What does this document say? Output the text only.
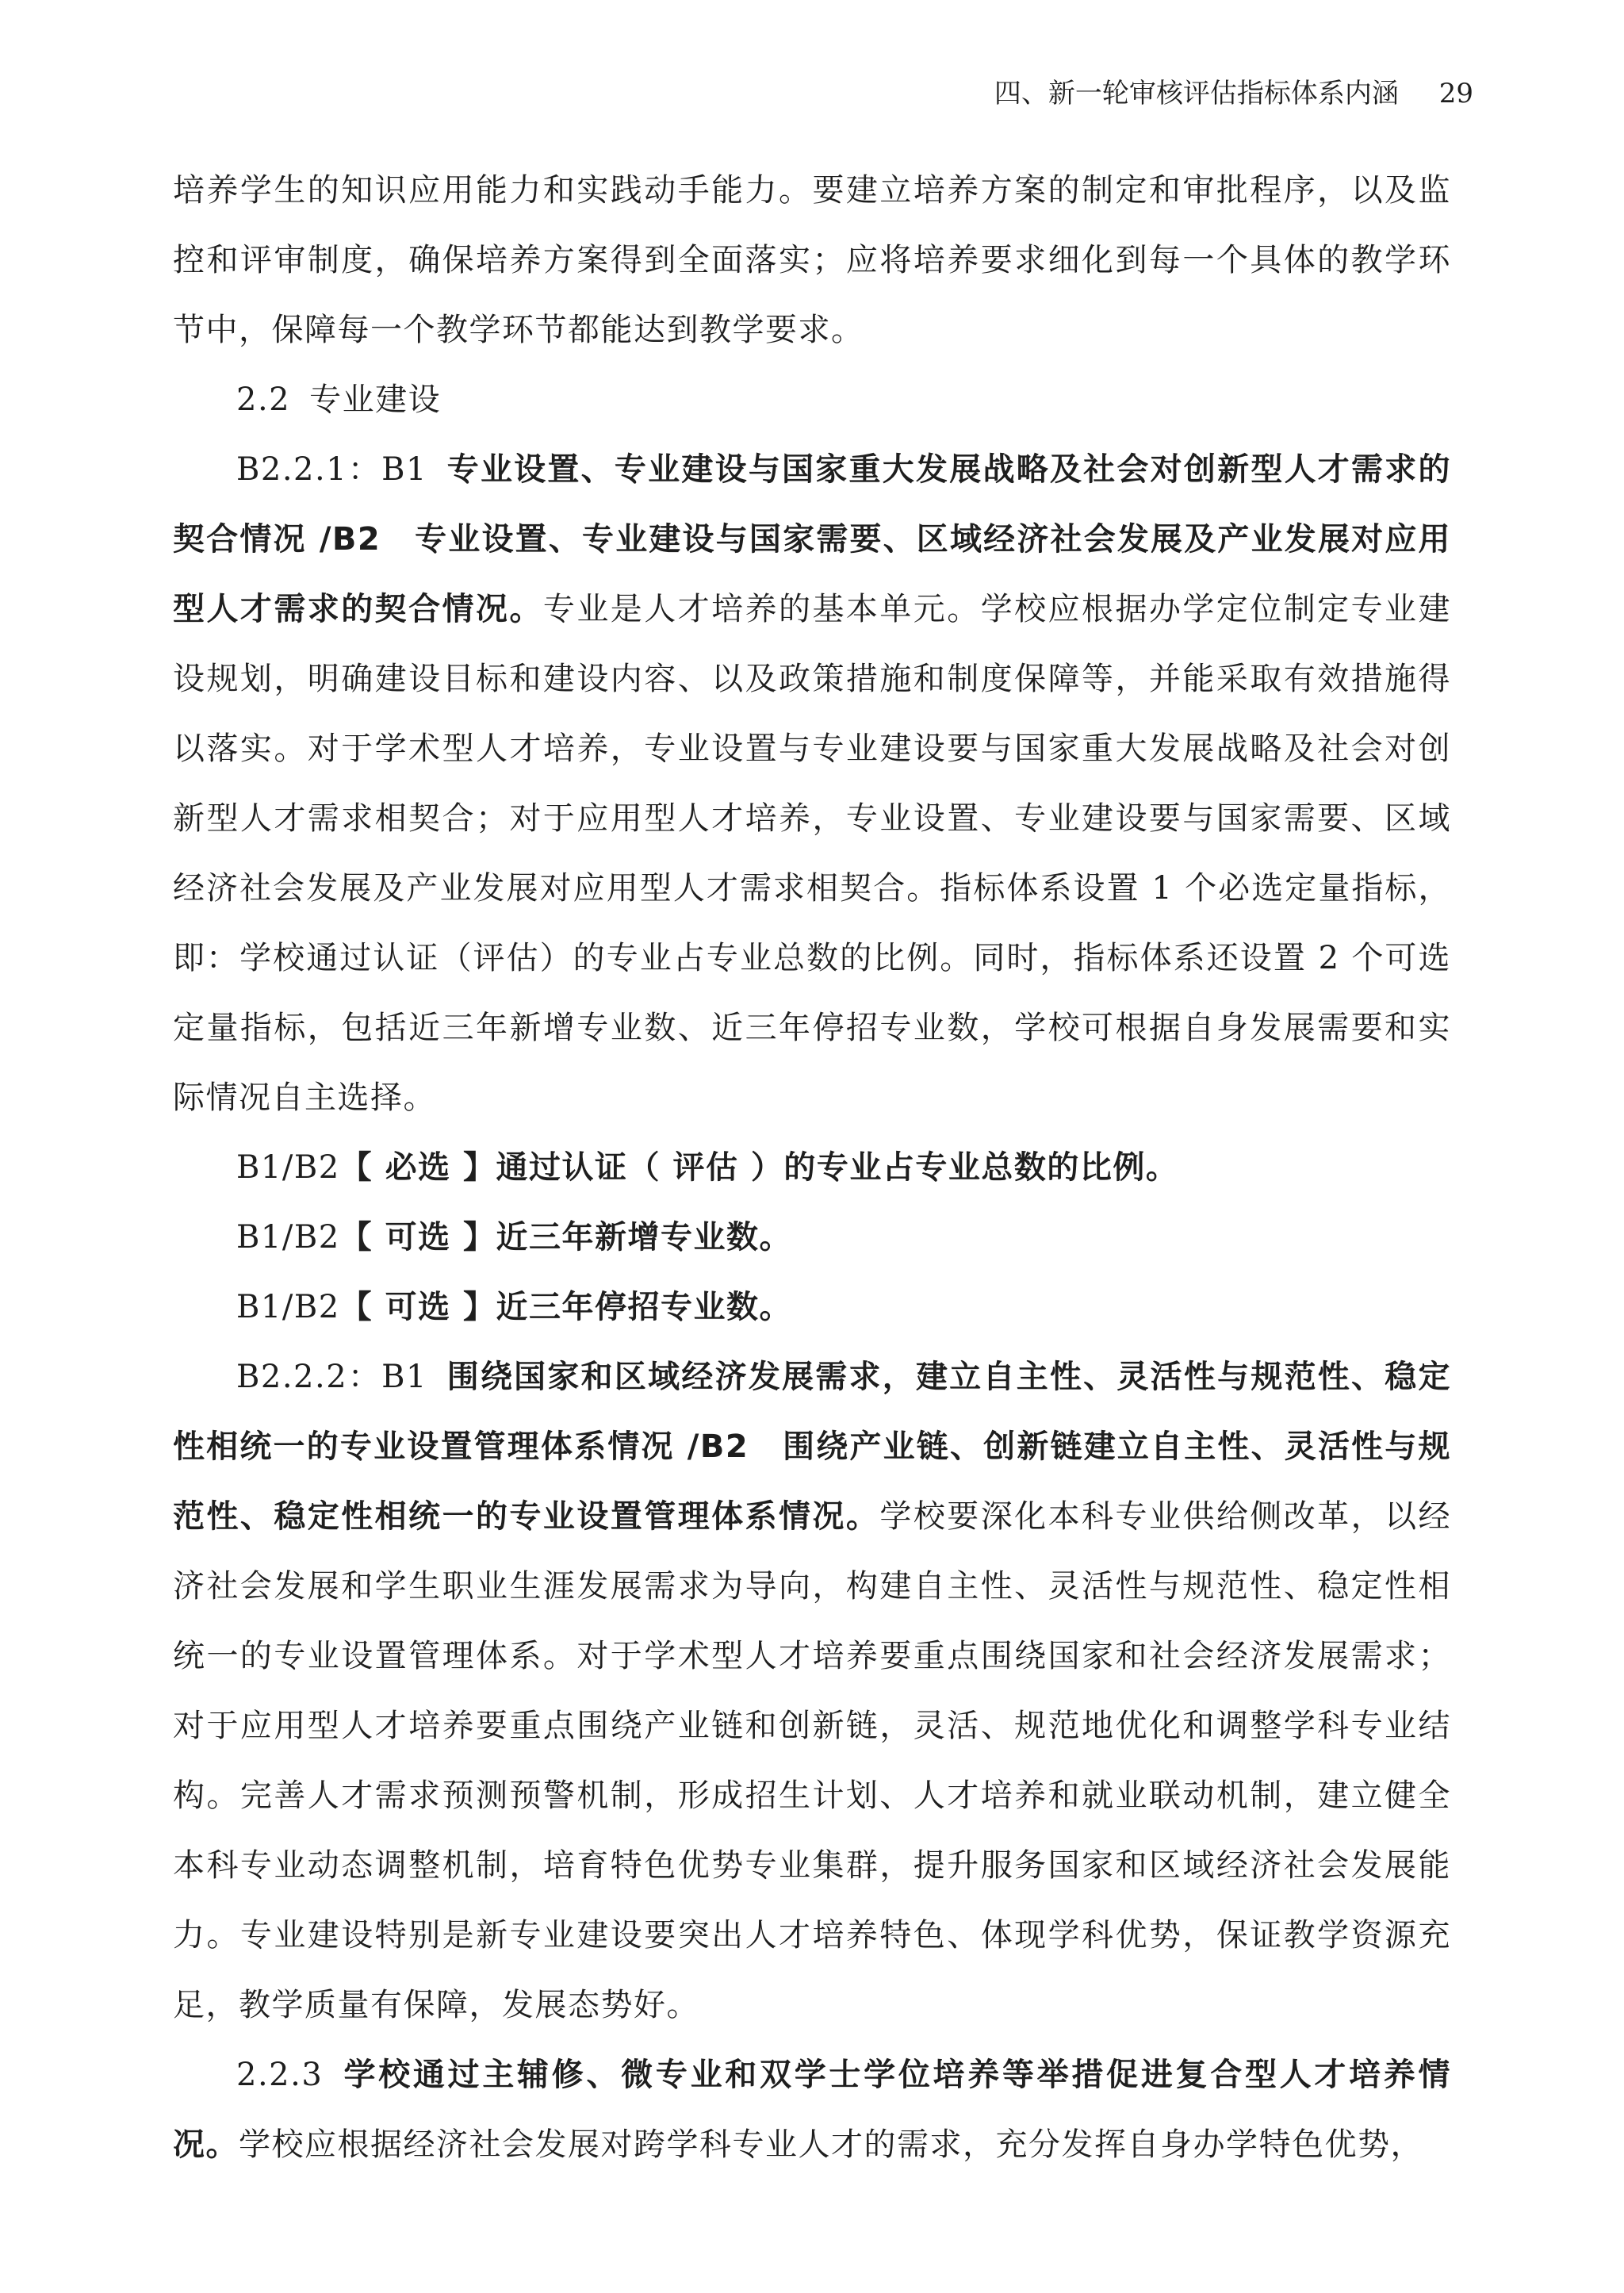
四、新一轮审核评估指标体系内涵 29

培养学生的知识应用能力和实践动手能力。要建立培养方案的制定和审批程序，以及监控和评审制度，确保培养方案得到全面落实；应将培养要求细化到每一个具体的教学环节中，保障每一个教学环节都能达到教学要求。

2.2 专业建设

B2.2.1：B1 专业设置、专业建设与国家重大发展战略及社会对创新型人才需求的契合情况 /B2　专业设置、专业建设与国家需要、区域经济社会发展及产业发展对应用型人才需求的契合情况。专业是人才培养的基本单元。学校应根据办学定位制定专业建设规划，明确建设目标和建设内容、以及政策措施和制度保障等，并能采取有效措施得以落实。对于学术型人才培养，专业设置与专业建设要与国家重大发展战略及社会对创新型人才需求相契合；对于应用型人才培养，专业设置、专业建设要与国家需要、区域经济社会发展及产业发展对应用型人才需求相契合。指标体系设置 1 个必选定量指标，即：学校通过认证（评估）的专业占专业总数的比例。同时，指标体系还设置 2 个可选定量指标，包括近三年新增专业数、近三年停招专业数，学校可根据自身发展需要和实际情况自主选择。

B1/B2【 必选 】通过认证（ 评估 ）的专业占专业总数的比例。

B1/B2【 可选 】近三年新增专业数。

B1/B2【 可选 】近三年停招专业数。

B2.2.2：B1 围绕国家和区域经济发展需求，建立自主性、灵活性与规范性、稳定性相统一的专业设置管理体系情况 /B2　围绕产业链、创新链建立自主性、灵活性与规范性、稳定性相统一的专业设置管理体系情况。学校要深化本科专业供给侧改革，以经济社会发展和学生职业生涯发展需求为导向，构建自主性、灵活性与规范性、稳定性相统一的专业设置管理体系。对于学术型人才培养要重点围绕国家和社会经济发展需求；对于应用型人才培养要重点围绕产业链和创新链，灵活、规范地优化和调整学科专业结构。完善人才需求预测预警机制，形成招生计划、人才培养和就业联动机制，建立健全本科专业动态调整机制，培育特色优势专业集群，提升服务国家和区域经济社会发展能力。专业建设特别是新专业建设要突出人才培养特色、体现学科优势，保证教学资源充足，教学质量有保障，发展态势好。

2.2.3 学校通过主辅修、微专业和双学士学位培养等举措促进复合型人才培养情况。学校应根据经济社会发展对跨学科专业人才的需求，充分发挥自身办学特色优势，
